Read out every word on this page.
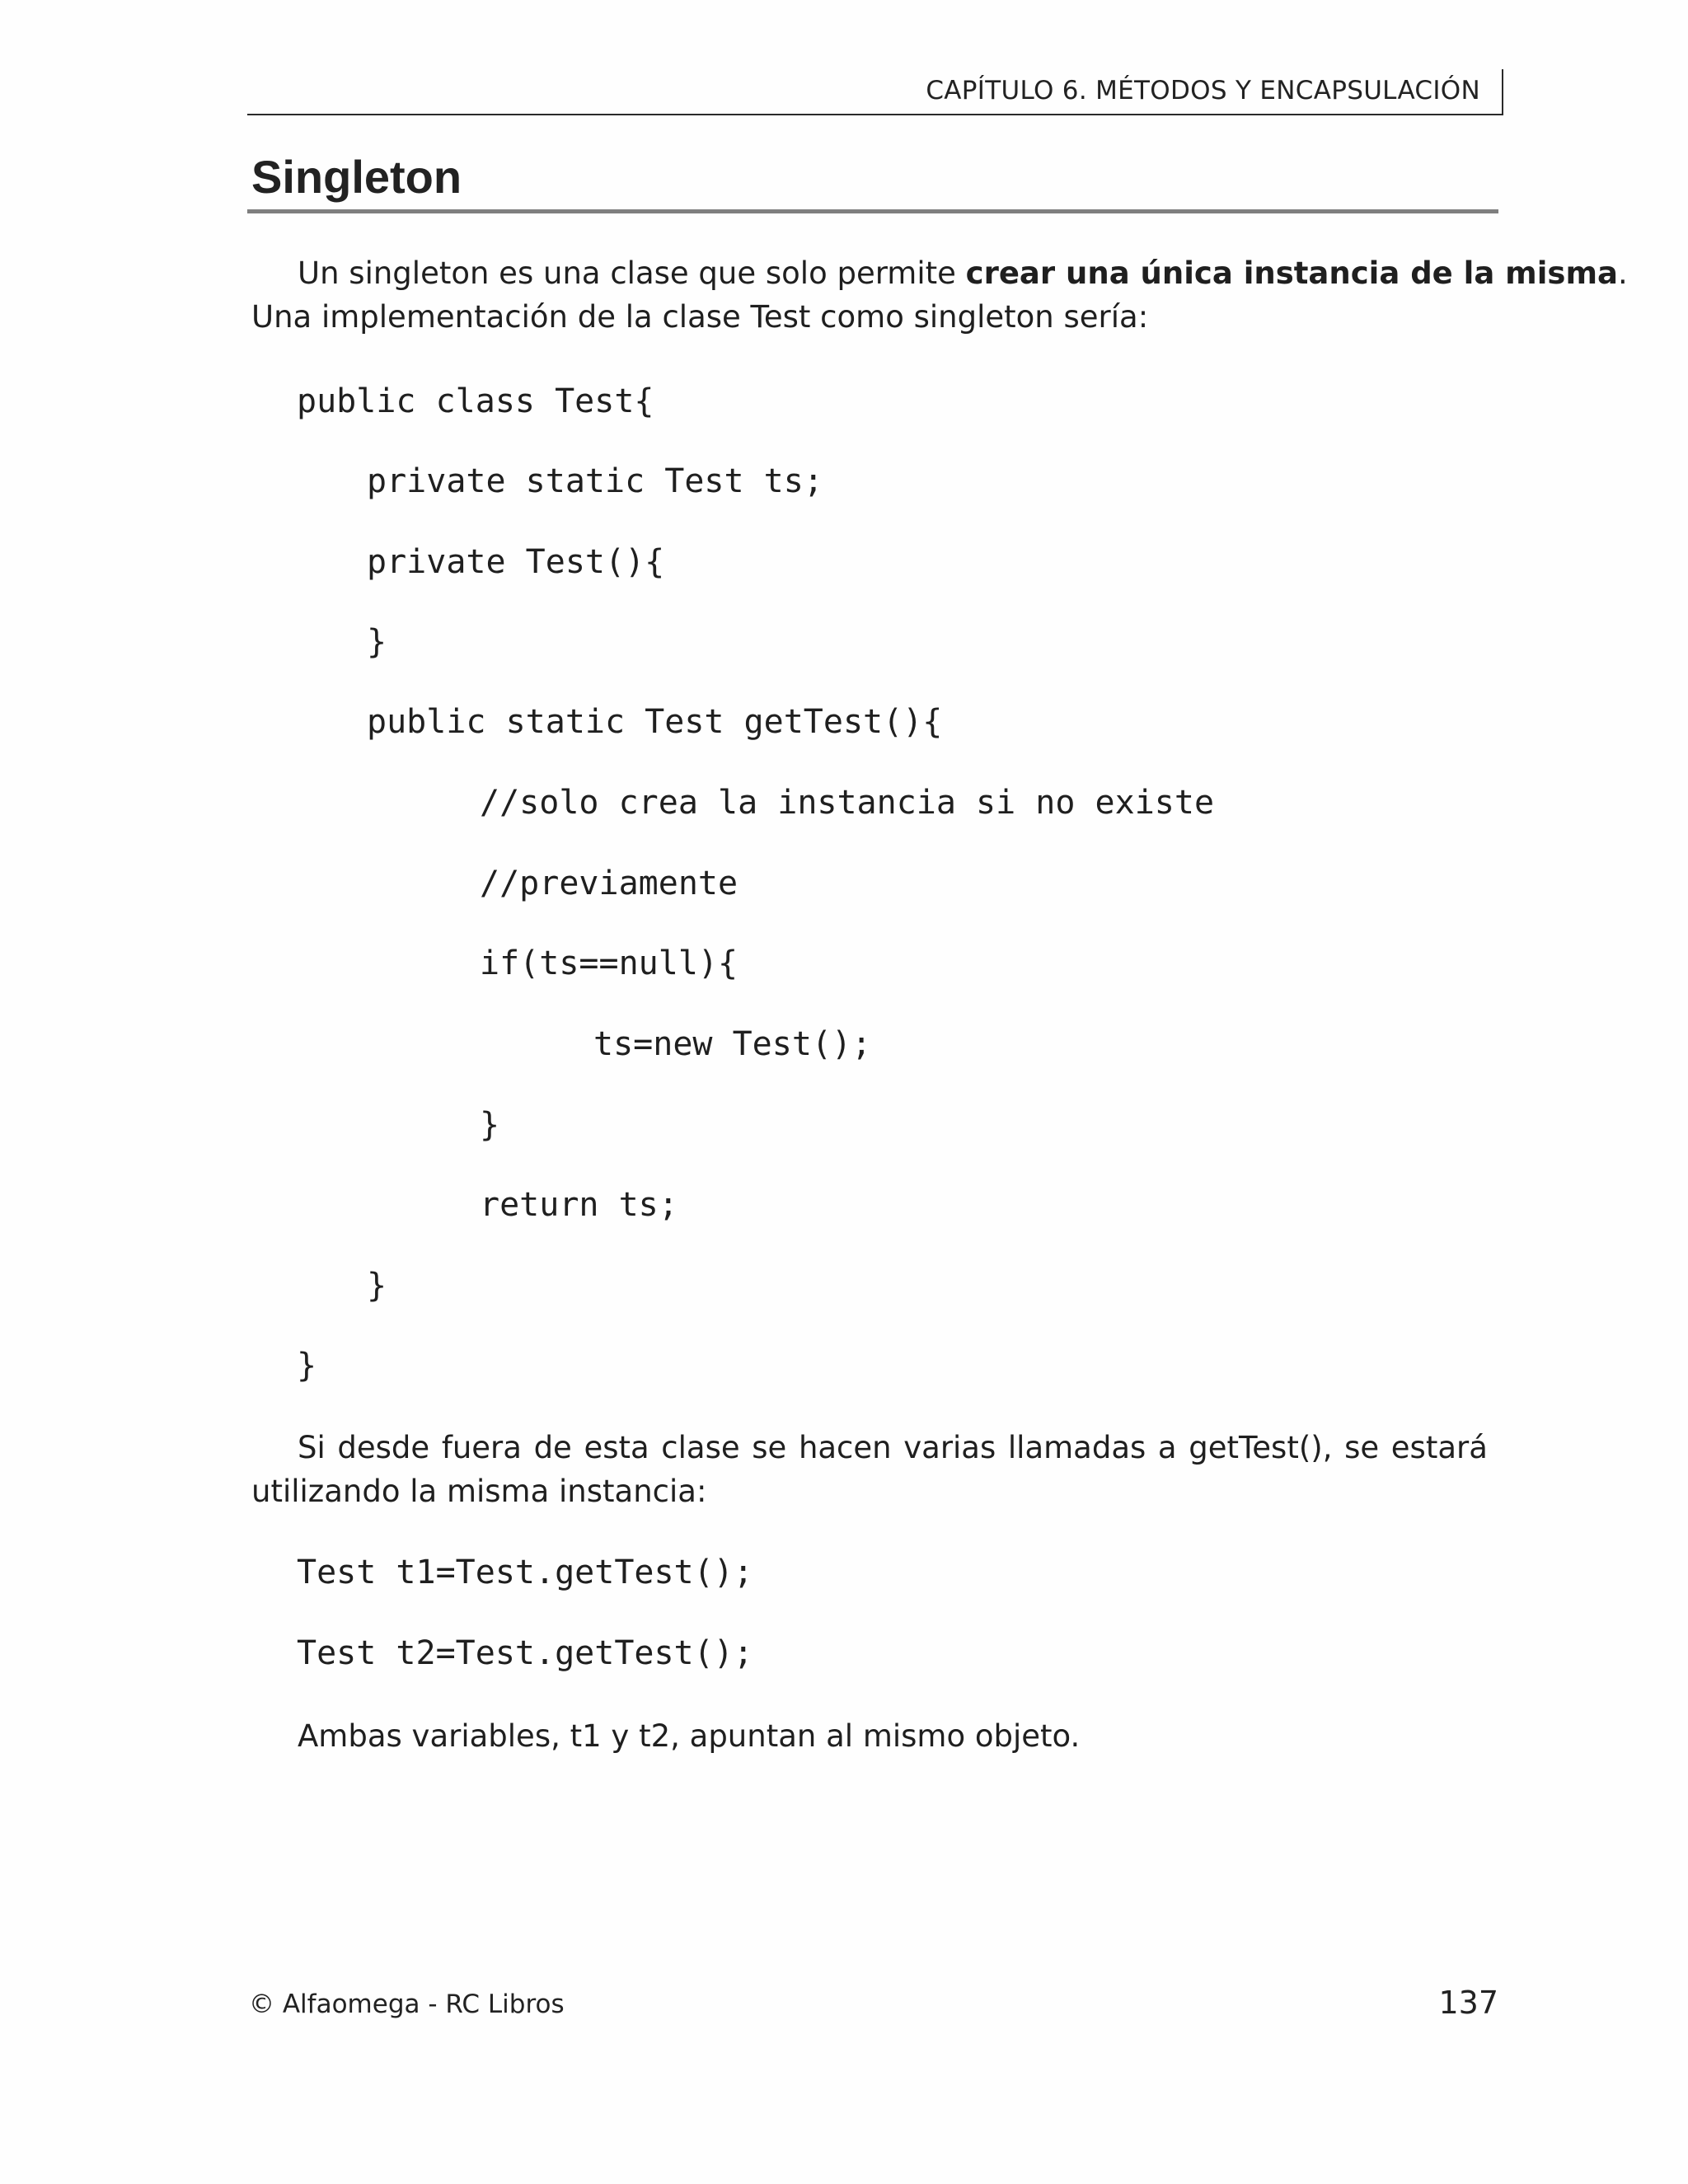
CAPÍTULO 6. MÉTODOS Y ENCAPSULACIÓN
Singleton
Un singleton es una clase que solo permite crear una única instancia de la misma.
Una implementación de la clase Test como singleton sería:
public class Test{
private static Test ts;
private Test(){
}
public static Test getTest(){
//solo crea la instancia si no existe
//previamente
if(ts==null){
ts=new Test();
}
return ts;
}
}
Si desde fuera de esta clase se hacen varias llamadas a getTest(), se estará
utilizando la misma instancia:
Test t1=Test.getTest();
Test t2=Test.getTest();
Ambas variables, t1 y t2, apuntan al mismo objeto.
© Alfaomega - RC Libros	137
